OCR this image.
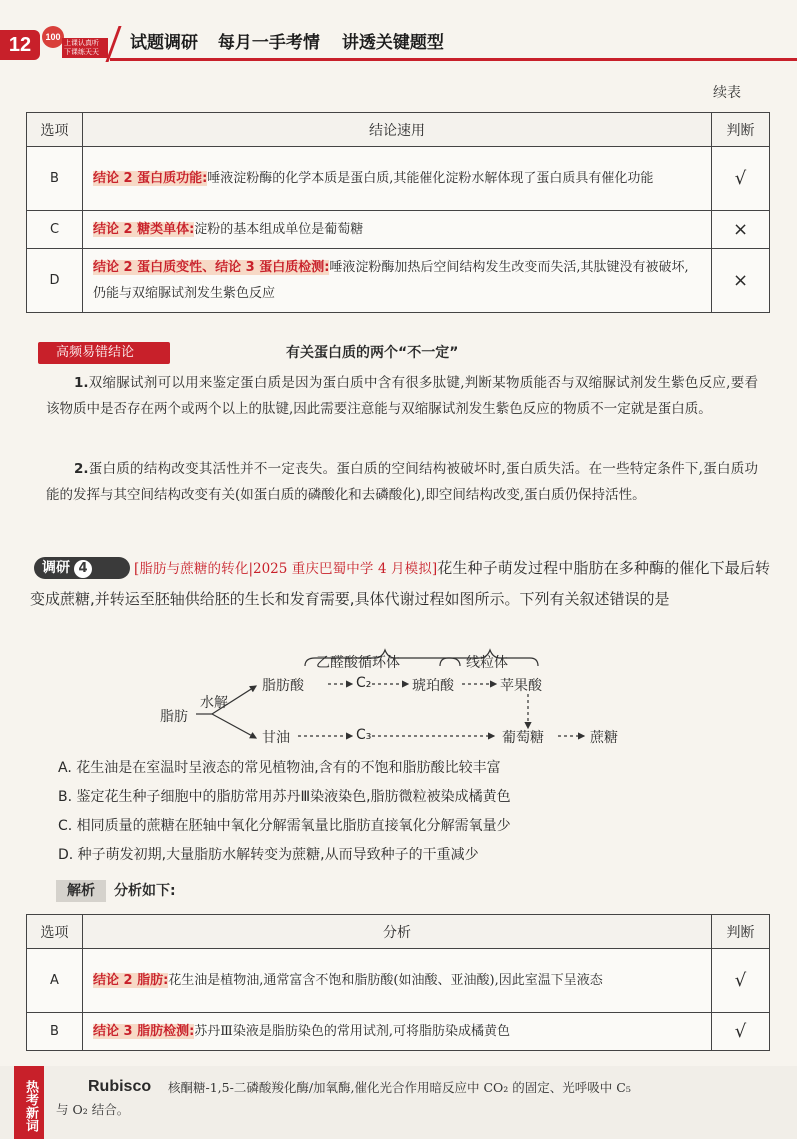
12	100
上课认真听 下课练天天	试题调研 每月一手考情 讲透关键题型
续表
选项	结论速用	判断
B	结论 2 蛋白质功能:唾液淀粉酶的化学本质是蛋白质,其能催化淀粉水解体现了蛋白质具有催化功能	√
C	结论 2 糖类单体:淀粉的基本组成单位是葡萄糖	×
D	结论 2 蛋白质变性、结论 3 蛋白质检测:唾液淀粉酶加热后空间结构发生改变而失活,其肽键没有被破坏,仍能与双缩脲试剂发生紫色反应	×
高频易错结论	有关蛋白质的两个“不一定”
1.双缩脲试剂可以用来鉴定蛋白质是因为蛋白质中含有很多肽键,判断某物质能否与双缩脲试剂发生紫色反应,要看该物质中是否存在两个或两个以上的肽键,因此需要注意能与双缩脲试剂发生紫色反应的物质不一定就是蛋白质。
2.蛋白质的结构改变其活性并不一定丧失。蛋白质的空间结构被破坏时,蛋白质失活。在一些特定条件下,蛋白质功能的发挥与其空间结构改变有关(如蛋白质的磷酸化和去磷酸化),即空间结构改变,蛋白质仍保持活性。
调研 4	[脂肪与蔗糖的转化|2025 重庆巴蜀中学 4 月模拟]花生种子萌发过程中脂肪在多种酶的催化下最后转变成蔗糖,并转运至胚轴供给胚的生长和发育需要,具体代谢过程如图所示。下列有关叙述错误的是
乙醛酸循环体	线粒体
脂肪
水解
脂肪酸	C₂	琥珀酸	苹果酸
甘油	C₃	葡萄糖	蔗糖
A. 花生油是在室温时呈液态的常见植物油,含有的不饱和脂肪酸比较丰富
B. 鉴定花生种子细胞中的脂肪常用苏丹Ⅲ染液染色,脂肪微粒被染成橘黄色
C. 相同质量的蔗糖在胚轴中氧化分解需氧量比脂肪直接氧化分解需氧量少
D. 种子萌发初期,大量脂肪水解转变为蔗糖,从而导致种子的干重减少
解析	分析如下:
选项	分析	判断
A	结论 2 脂肪:花生油是植物油,通常富含不饱和脂肪酸(如油酸、亚油酸),因此室温下呈液态	√
B	结论 3 脂肪检测:苏丹Ⅲ染液是脂肪染色的常用试剂,可将脂肪染成橘黄色	√
热考新词	Rubisco 核酮糖-1,5-二磷酸羧化酶/加氧酶,催化光合作用暗反应中 CO₂ 的固定、光呼吸中 C₅
与 O₂ 结合。
